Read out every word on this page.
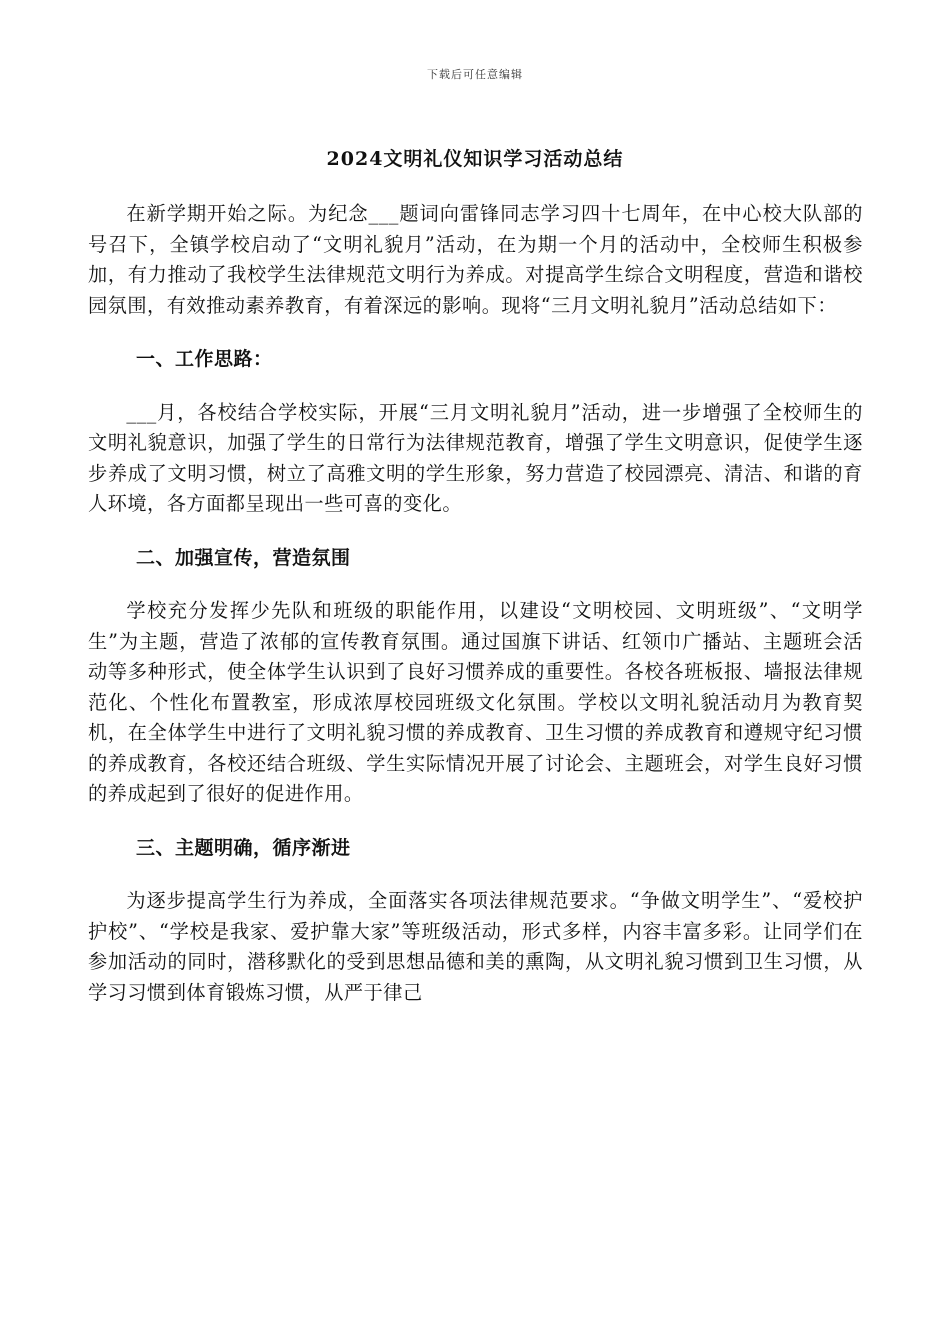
下载后可任意编辑
2024文明礼仪知识学习活动总结

在新学期开始之际。为纪念___题词向雷锋同志学习四十七周年，在中心校大队部的号召下，全镇学校启动了“文明礼貌月”活动，在为期一个月的活动中，全校师生积极参加，有力推动了我校学生法律规范文明行为养成。对提高学生综合文明程度，营造和谐校园氛围，有效推动素养教育，有着深远的影响。现将“三月文明礼貌月”活动总结如下：

一、工作思路：

___月，各校结合学校实际，开展“三月文明礼貌月”活动，进一步增强了全校师生的文明礼貌意识，加强了学生的日常行为法律规范教育，增强了学生文明意识，促使学生逐步养成了文明习惯，树立了高雅文明的学生形象，努力营造了校园漂亮、清洁、和谐的育人环境，各方面都呈现出一些可喜的变化。

二、加强宣传，营造氛围

学校充分发挥少先队和班级的职能作用，以建设“文明校园、文明班级”、“文明学生”为主题，营造了浓郁的宣传教育氛围。通过国旗下讲话、红领巾广播站、主题班会活动等多种形式，使全体学生认识到了良好习惯养成的重要性。各校各班板报、墙报法律规范化、个性化布置教室，形成浓厚校园班级文化氛围。学校以文明礼貌活动月为教育契机，在全体学生中进行了文明礼貌习惯的养成教育、卫生习惯的养成教育和遵规守纪习惯的养成教育，各校还结合班级、学生实际情况开展了讨论会、主题班会，对学生良好习惯的养成起到了很好的促进作用。

三、主题明确，循序渐进

为逐步提高学生行为养成，全面落实各项法律规范要求。“争做文明学生”、“爱校护护校”、“学校是我家、爱护靠大家”等班级活动，形式多样，内容丰富多彩。让同学们在参加活动的同时，潜移默化的受到思想品德和美的熏陶，从文明礼貌习惯到卫生习惯，从学习习惯到体育锻炼习惯，从严于律己
